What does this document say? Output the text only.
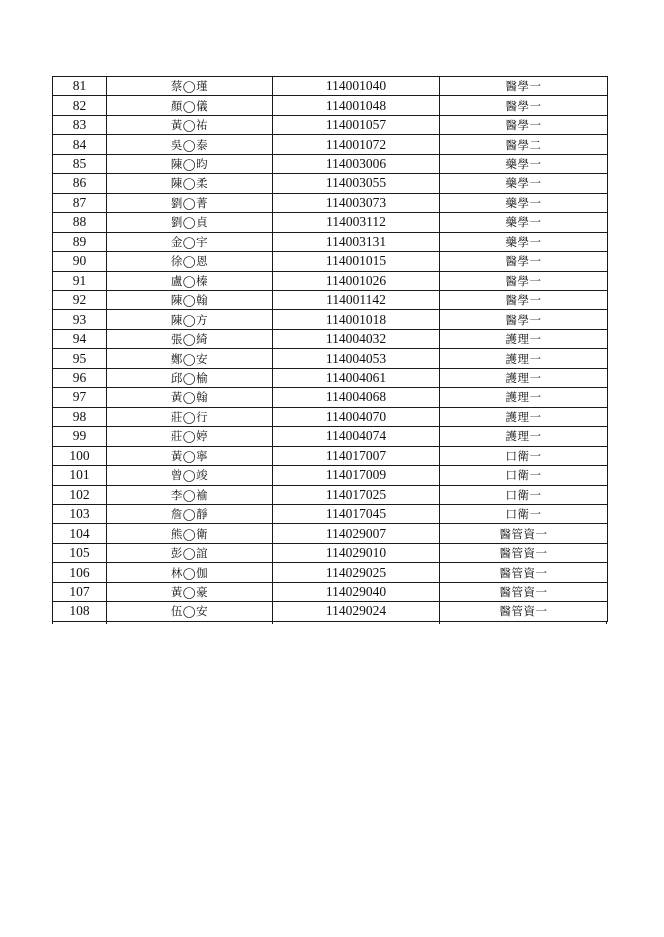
81	蔡◯瑾	114001040	醫學一
82	顏◯儀	114001048	醫學一
83	黃◯祐	114001057	醫學一
84	吳◯泰	114001072	醫學二
85	陳◯昀	114003006	藥學一
86	陳◯柔	114003055	藥學一
87	劉◯菁	114003073	藥學一
88	劉◯貞	114003112	藥學一
89	金◯宇	114003131	藥學一
90	徐◯恩	114001015	醫學一
91	盧◯榛	114001026	醫學一
92	陳◯翰	114001142	醫學一
93	陳◯方	114001018	醫學一
94	張◯綺	114004032	護理一
95	鄭◯安	114004053	護理一
96	邱◯榆	114004061	護理一
97	黃◯翰	114004068	護理一
98	莊◯行	114004070	護理一
99	莊◯婷	114004074	護理一
100	黃◯寧	114017007	口衛一
101	曾◯竣	114017009	口衛一
102	李◯褕	114017025	口衛一
103	詹◯靜	114017045	口衛一
104	熊◯衛	114029007	醫管資一
105	彭◯誼	114029010	醫管資一
106	林◯伽	114029025	醫管資一
107	黃◯豪	114029040	醫管資一
108	伍◯安	114029024	醫管資一
